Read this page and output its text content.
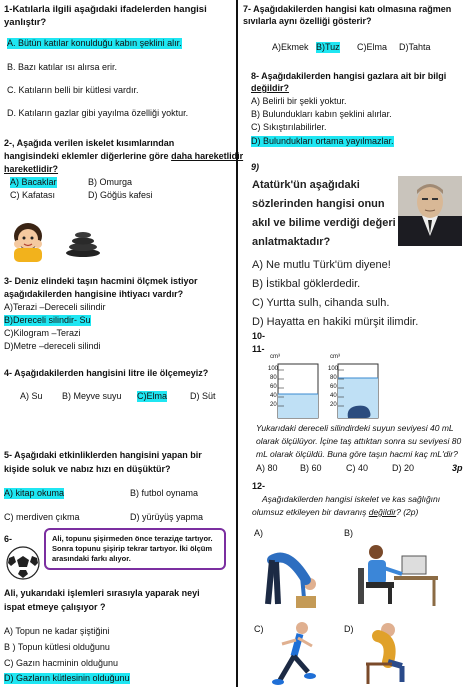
1-Katılarla ilgili aşağıdaki ifadelerden hangisi
yanlıştır?
A. Bütün katılar konulduğu kabın şeklini alır.
B. Bazı katılar ısı alırsa erir.
C. Katıların belli bir kütlesi vardır.
D. Katıların gazlar gibi yayılma özelliği yoktur.
2-, Aşağıda verilen iskelet kısımlarından
hangisindeki eklemler diğerlerine göre daha hareketlidir
hareketlidir?
A) Bacaklar	B) Omurga
C) Kafatası	D) Göğüs kafesi
3- Deniz elindeki taşın hacmini ölçmek istiyor
aşağıdakilerden hangisine ihtiyacı vardır?
A)Terazi –Dereceli silindir
B)Dereceli silindir- Su
C)Kilogram –Terazi
D)Metre –dereceli silindi
4- Aşağıdakilerden hangisini litre ile ölçemeyiz?
A) Su B) Meyve suyu C)Elma	D) Süt
5- Aşağıdaki etkinliklerden hangisini yapan bir
kişide soluk ve nabız hızı en düşüktür?
A) kitap okuma	B) futbol oynama
C) merdiven çıkma	D) yürüyüş yapma
6-	Ali, topunu şişirmeden önce teraziде tartıyor.
Sonra topunu şişirip tekrar tartıyor. İki ölçüm
arasındaki farkı alıyor.
Ali, yukarıdaki işlemleri sırasıyla yaparak neyi
ispat etmeye çalışıyor ?
A) Topun ne kadar şiştiğini
B ) Topun kütlesi olduğunu
C) Gazın hacminin olduğunu
D) Gazların kütlesinin olduğunu
7- Aşağıdakilerden hangisi katı olmasına rağmen
sıvılarla aynı özelliği gösterir?
A)Ekmek B)Tuz C)Elma D)Tahta
8- Aşağıdakilerden hangisi gazlara ait bir bilgi
değildir?
A) Belirli bir şekli yoktur.
B) Bulundukları kabın şeklini alırlar.
C) Sıkıştırılabilirler.
D) Bulundukları ortama yayılmazlar.
9)
Atatürk'ün aşağıdaki
sözlerinden hangisi onun
akıl ve bilime verdiği değeri
anlatmaktadır?
A) Ne mutlu Türk'üm diyene!
B) İstikbal göklerdedir.
C) Yurtta sulh, cihanda sulh.
D) Hayatta en hakiki mürşit ilimdir.
10-
11-
cm³	cm³
100
80
60
40
20
100
80
60
40
20
Yukarıdaki dereceli silindirdeki suyun seviyesi 40 mL
olarak ölçülüyor. İçine taş attıktan sonra su seviyesi 80
mL olarak ölçüldü. Buna göre taşın hacmi kaç mL'dir?
A) 80 B) 60	C) 40	D) 20	3p
12-
Aşağıdakilerden hangisi iskelet ve kas sağlığını
olumsuz etkileyen bir davranış değildir? (2p)
A)	B)
C)	D)
